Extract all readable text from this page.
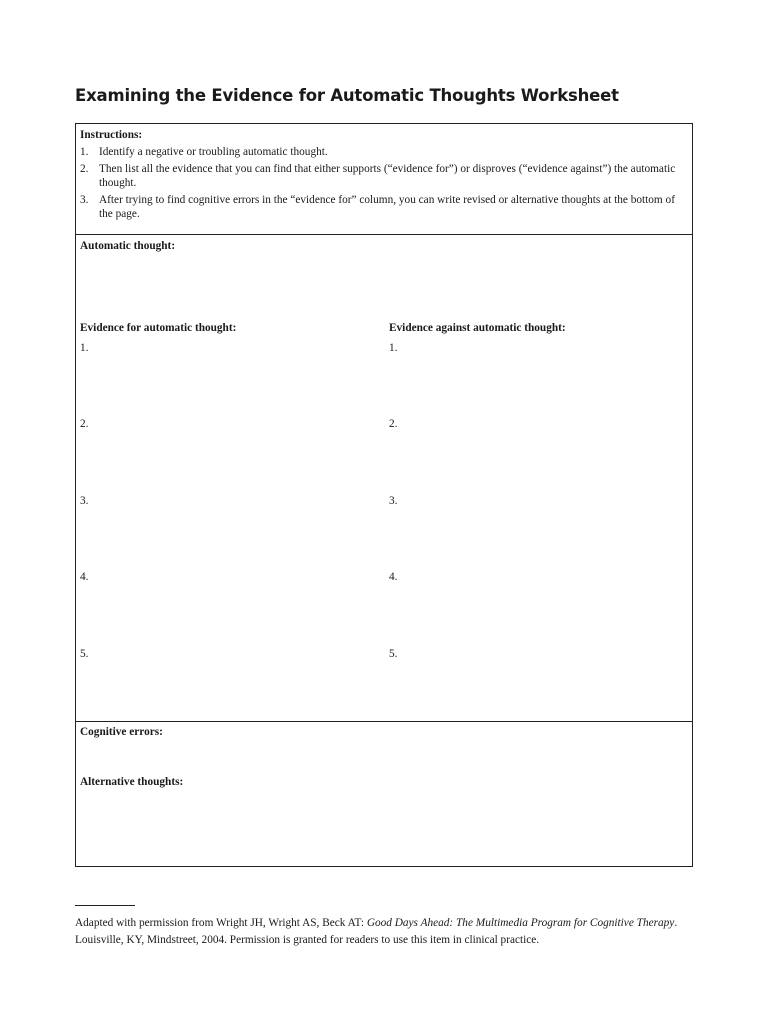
Examining the Evidence for Automatic Thoughts Worksheet
Instructions:
1. Identify a negative or troubling automatic thought.
2. Then list all the evidence that you can find that either supports (“evidence for”) or disproves (“evidence against”) the automatic thought.
3. After trying to find cognitive errors in the “evidence for” column, you can write revised or alternative thoughts at the bottom of the page.
Automatic thought:
Evidence for automatic thought:	Evidence against automatic thought:
1.
2.
3.
4.
5.
1.
2.
3.
4.
5.
Cognitive errors:
Alternative thoughts:

Adapted with permission from Wright JH, Wright AS, Beck AT: Good Days Ahead: The Multimedia Program for Cognitive Therapy. Louisville, KY, Mindstreet, 2004. Permission is granted for readers to use this item in clinical practice.
